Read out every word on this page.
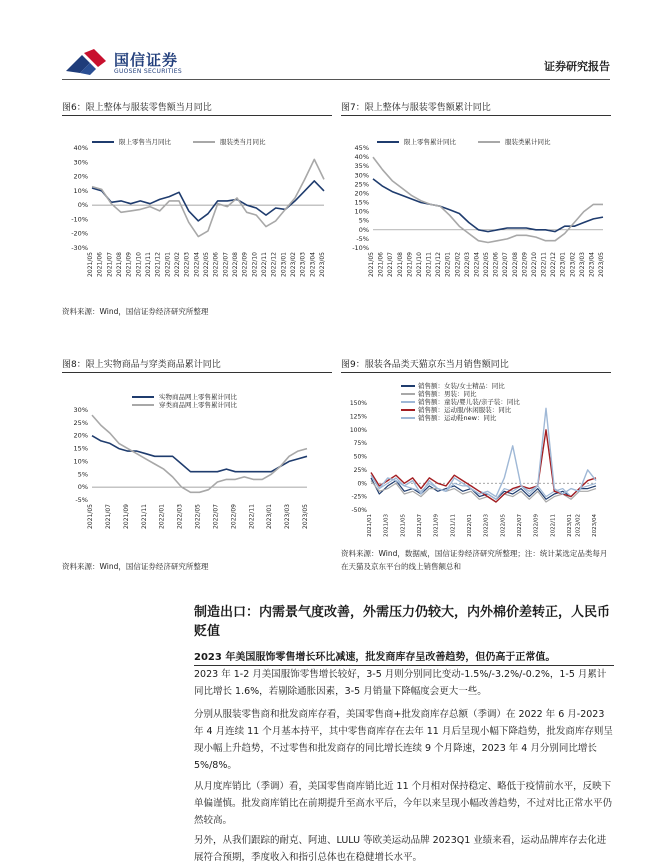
国信证券
GUOSEN SECURITIES	证券研究报告
图6：限上整体与服装零售额当月同比
40%
30%
20%
10%
0%
-10%
-20%
-30%
2021/05 2021/06 2021/07 2021/08 2021/09 2021/10 2021/11 2021/12 2022/01 2022/02 2022/03 2022/04 2022/05 2022/06 2022/07 2022/08 2022/09 2022/10 2022/11 2022/12 2023/01 2023/02 2023/03 2023/04 2023/05
限上零售当月同比	服装类当月同比
资料来源：Wind，国信证券经济研究所整理
图7：限上整体与服装零售额累计同比
45%
40%
35%
30%
25%
20%
15%
10%
5%
0%
-5%
-10%
2021/05 2021/06 2021/07 2021/08 2021/09 2021/10 2021/11 2021/12 2022/01 2022/02 2022/03 2022/04 2022/05 2022/06 2022/07 2022/08 2022/09 2022/10 2022/11 2022/12 2023/01 2023/02 2023/03 2023/04 2023/05
限上零售累计同比	服装类累计同比
图8：限上实物商品与穿类商品累计同比
30%
25%
20%
15%
10%
5%
0%
-5%
2021/05 2021/07 2021/09 2021/11 2022/01 2022/03 2022/05 2022/07 2022/09 2022/11 2023/01 2023/03 2023/05
实物商品网上零售累计同比
穿类商品网上零售累计同比
资料来源：Wind，国信证券经济研究所整理
图9：服装各品类天猫京东当月销售额同比
150%
125%
100%
75%
50%
25%
0%
-25%
-50%
2021/01 2021/03 2021/05 2021/07 2021/09 2021/11 2022/01 2022/03 2022/05 2022/07 2022/09 2022/11 2023/01 2023/02 2023/04
销售额：女装/女士精品：同比
销售额：男装：同比
销售额：童装/婴儿装/亲子装：同比
销售额：运动服/休闲服装：同比
销售额：运动鞋new：同比
资料来源：Wind，数据威，国信证券经济研究所整理；注：统计某选定品类每月在天猫及京东平台的线上销售额总和
制造出口：内需景气度改善，外需压力仍较大，内外棉价差转正，人民币贬值
2023 年美国服饰零售增长环比减速，批发商库存呈改善趋势，但仍高于正常值。
2023 年 1-2 月美国服饰零售增长较好，3-5 月则分别同比变动-1.5%/-3.2%/-0.2%，1-5 月累计同比增长 1.6%，若剔除通胀因素，3-5 月销量下降幅度会更大一些。
分别从服装零售商和批发商库存看，美国零售商+批发商库存总额（季调）在 2022 年 6 月-2023 年 4 月连续 11 个月基本持平，其中零售商库存在去年 11 月后呈现小幅下降趋势，批发商库存则呈现小幅上升趋势，不过零售和批发商存的同比增长连续 9 个月降速，2023 年 4 月分别同比增长 5%/8%。
从月度库销比（季调）看，美国零售商库销比近 11 个月相对保持稳定、略低于疫情前水平，反映下单偏谨慎。批发商库销比在前期提升至高水平后，今年以来呈现小幅改善趋势，不过对比正常水平仍然较高。
另外，从我们跟踪的耐克、阿迪、LULU 等欧美运动品牌 2023Q1 业绩来看，运动品牌库存去化进展符合预期，季度收入和指引总体也在稳健增长水平。
